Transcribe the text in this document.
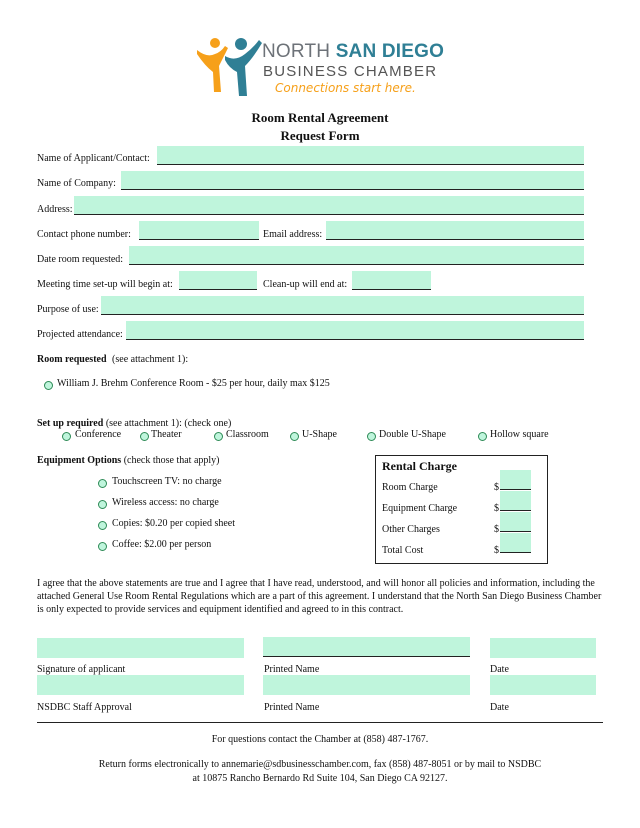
NORTH SAN DIEGO
BUSINESS CHAMBER
Connections start here.
Room Rental Agreement
Request Form
Name of Applicant/Contact:
Name of Company:
Address:
Contact phone number:	Email address:
Date room requested:
Meeting time set-up will begin at:	Clean-up will end at:
Purpose of use:
Projected attendance:
Room requested (see attachment 1):
William J. Brehm Conference Room - $25 per hour, daily max $125
Set up required (see attachment 1): (check one)
Conference	Theater	Classroom	U-Shape	Double U-Shape	Hollow square
Equipment Options (check those that apply)
Touchscreen TV: no charge
Wireless access: no charge
Copies: $0.20 per copied sheet
Coffee: $2.00 per person
Rental Charge
Room Charge	$
Equipment Charge	$
Other Charges	$
Total Cost	$
I agree that the above statements are true and I agree that I have read, understood, and will honor all policies and information, including the attached General Use Room Rental Regulations which are a part of this agreement. I understand that the North San Diego Business Chamber is only expected to provide services and equipment identified and agreed to in this contract.
Signature of applicant	Printed Name	Date
NSDBC Staff Approval	Printed Name	Date
For questions contact the Chamber at (858) 487-1767.
Return forms electronically to annemarie@sdbusinesschamber.com, fax (858) 487-8051 or by mail to NSDBC
at 10875 Rancho Bernardo Rd Suite 104, San Diego CA 92127.
